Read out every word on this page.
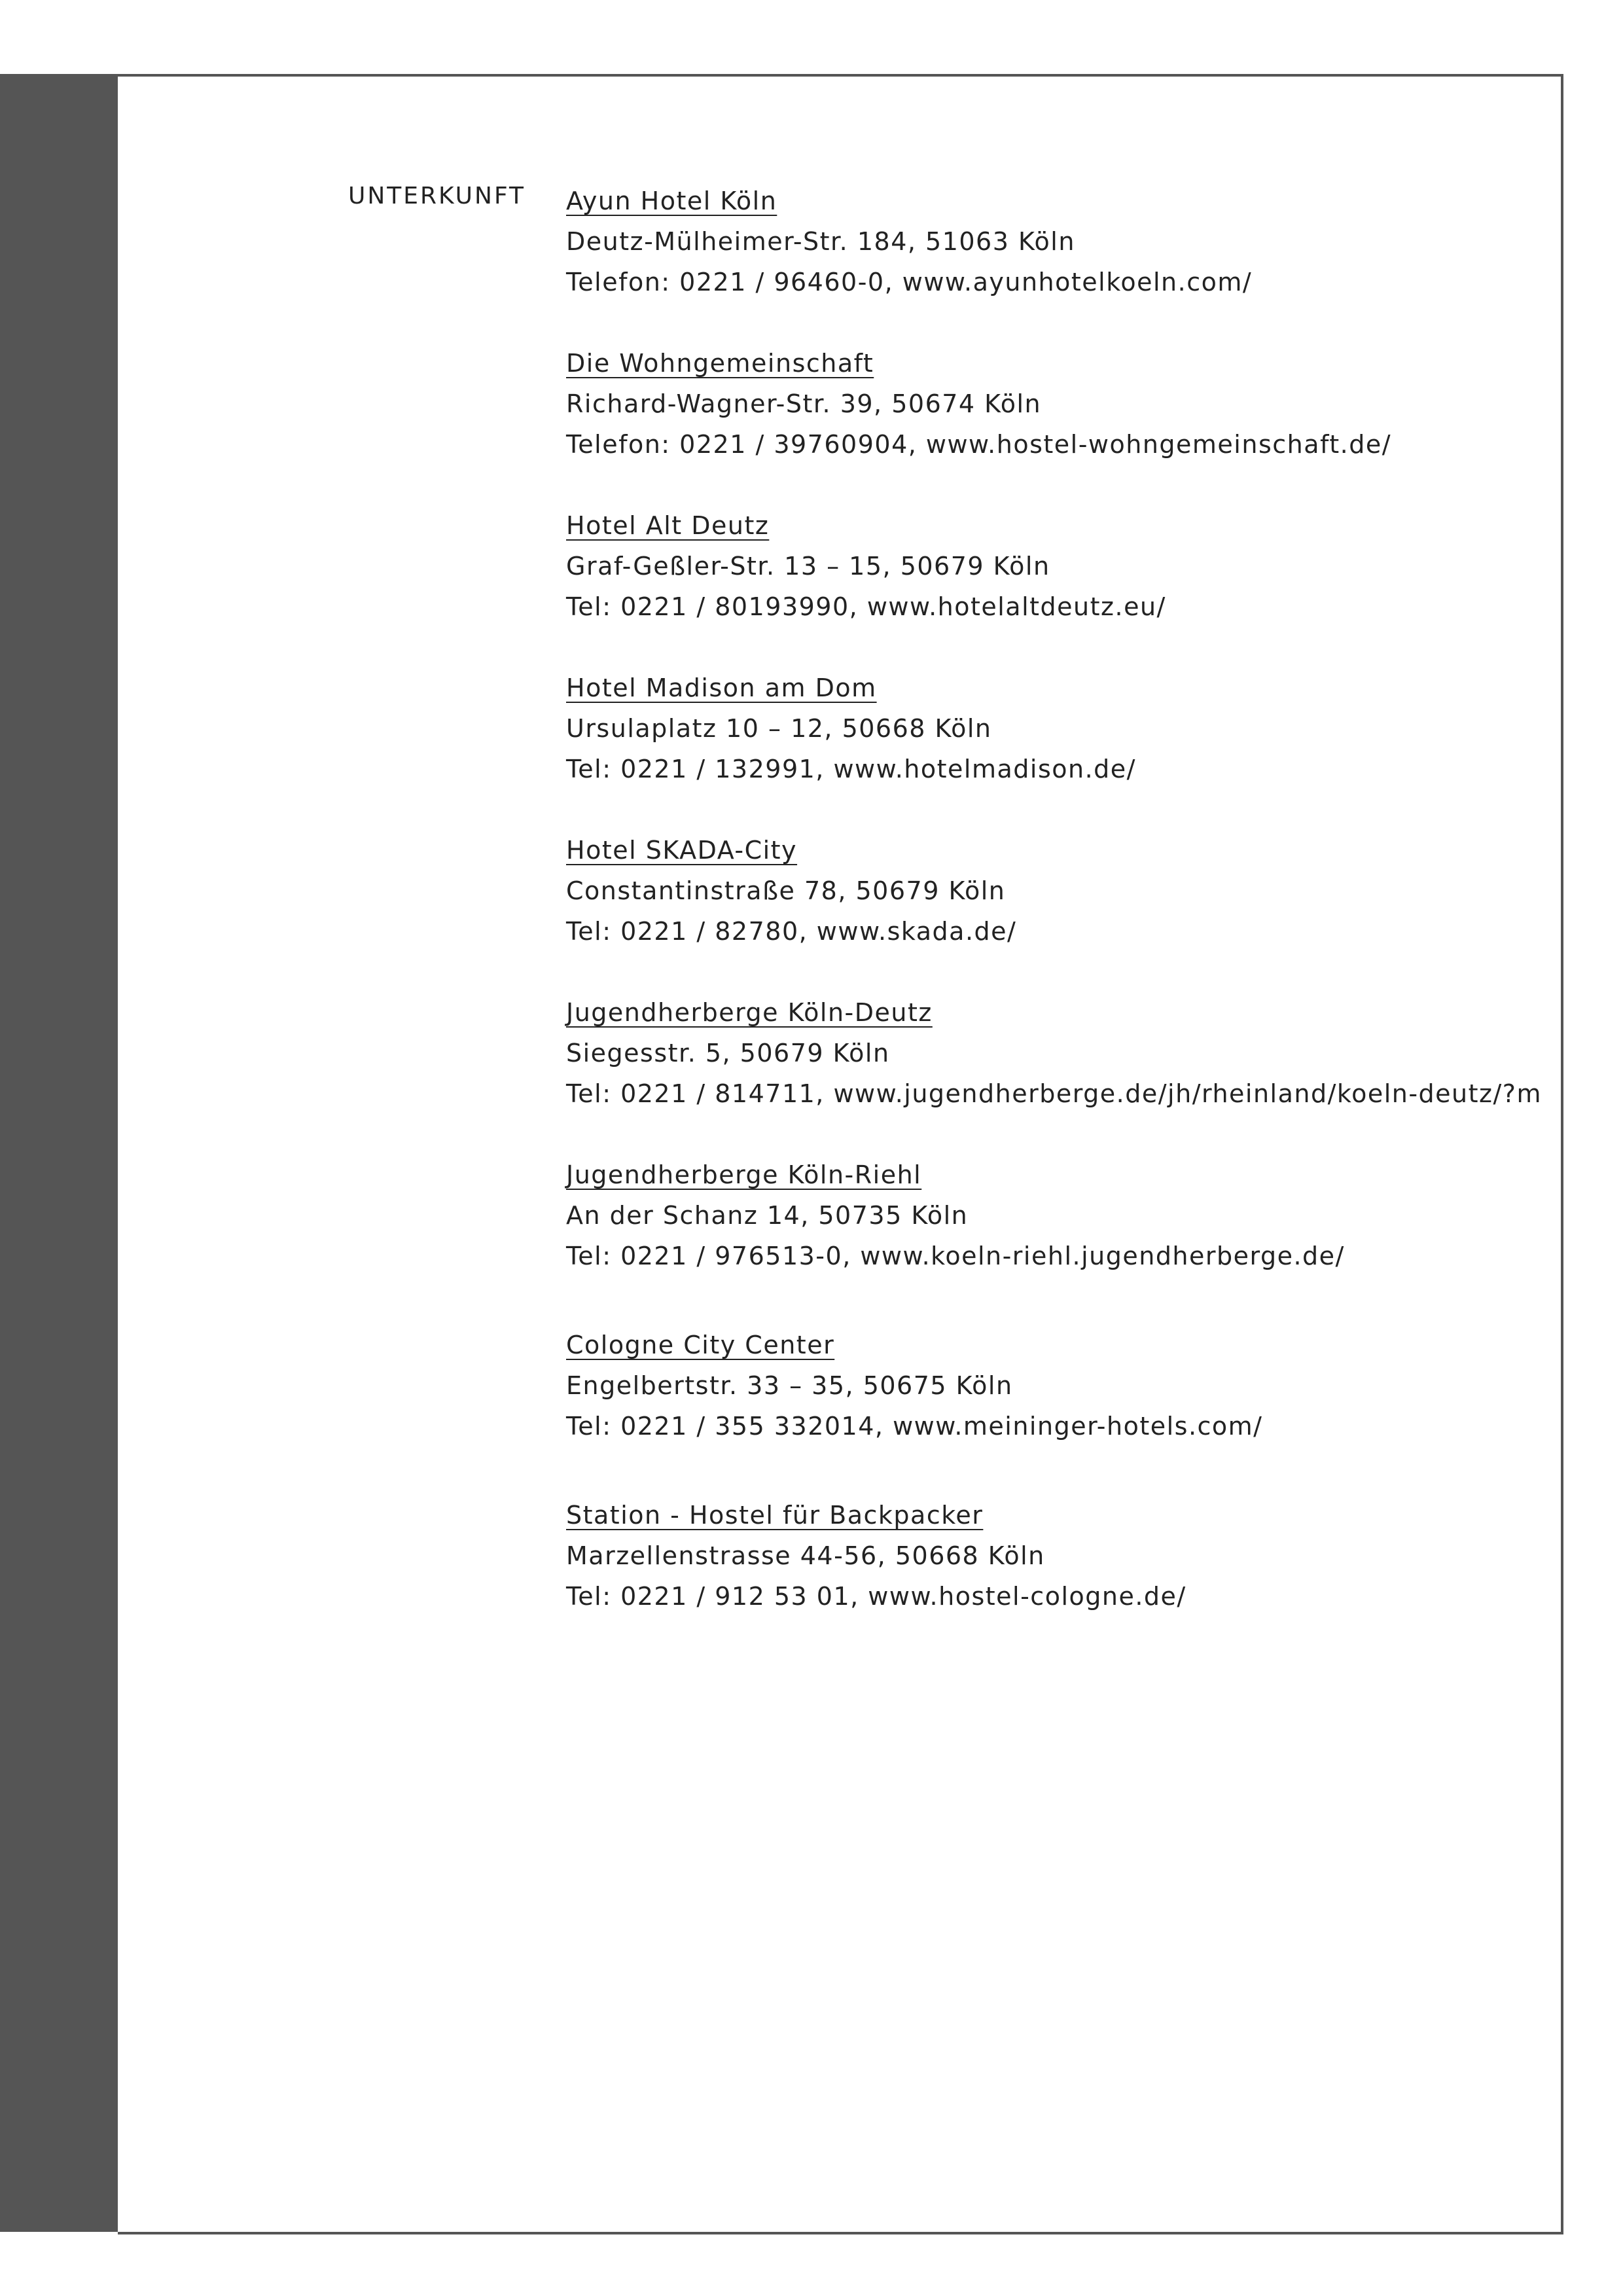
UNTERKUNFT Ayun Hotel Köln
Deutz-Mülheimer-Str. 184, 51063 Köln
Telefon: 0221 / 96460-0, www.ayunhotelkoeln.com/
Die Wohngemeinschaft
Richard-Wagner-Str. 39, 50674 Köln
Telefon: 0221 / 39760904, www.hostel-wohngemeinschaft.de/
Hotel Alt Deutz
Graf-Geßler-Str. 13 – 15, 50679 Köln
Tel: 0221 / 80193990, www.hotelaltdeutz.eu/
Hotel Madison am Dom
Ursulaplatz 10 – 12, 50668 Köln
Tel: 0221 / 132991, www.hotelmadison.de/
Hotel SKADA-City
Constantinstraße 78, 50679 Köln
Tel: 0221 / 82780, www.skada.de/
Jugendherberge Köln-Deutz
Siegesstr. 5, 50679 Köln
Tel: 0221 / 814711, www.jugendherberge.de/jh/rheinland/koeln-deutz/?m
Jugendherberge Köln-Riehl
An der Schanz 14, 50735 Köln
Tel: 0221 / 976513-0, www.koeln-riehl.jugendherberge.de/
Cologne City Center
Engelbertstr. 33 – 35, 50675 Köln
Tel: 0221 / 355 332014, www.meininger-hotels.com/
Station - Hostel für Backpacker
Marzellenstrasse 44-56, 50668 Köln
Tel: 0221 / 912 53 01, www.hostel-cologne.de/
